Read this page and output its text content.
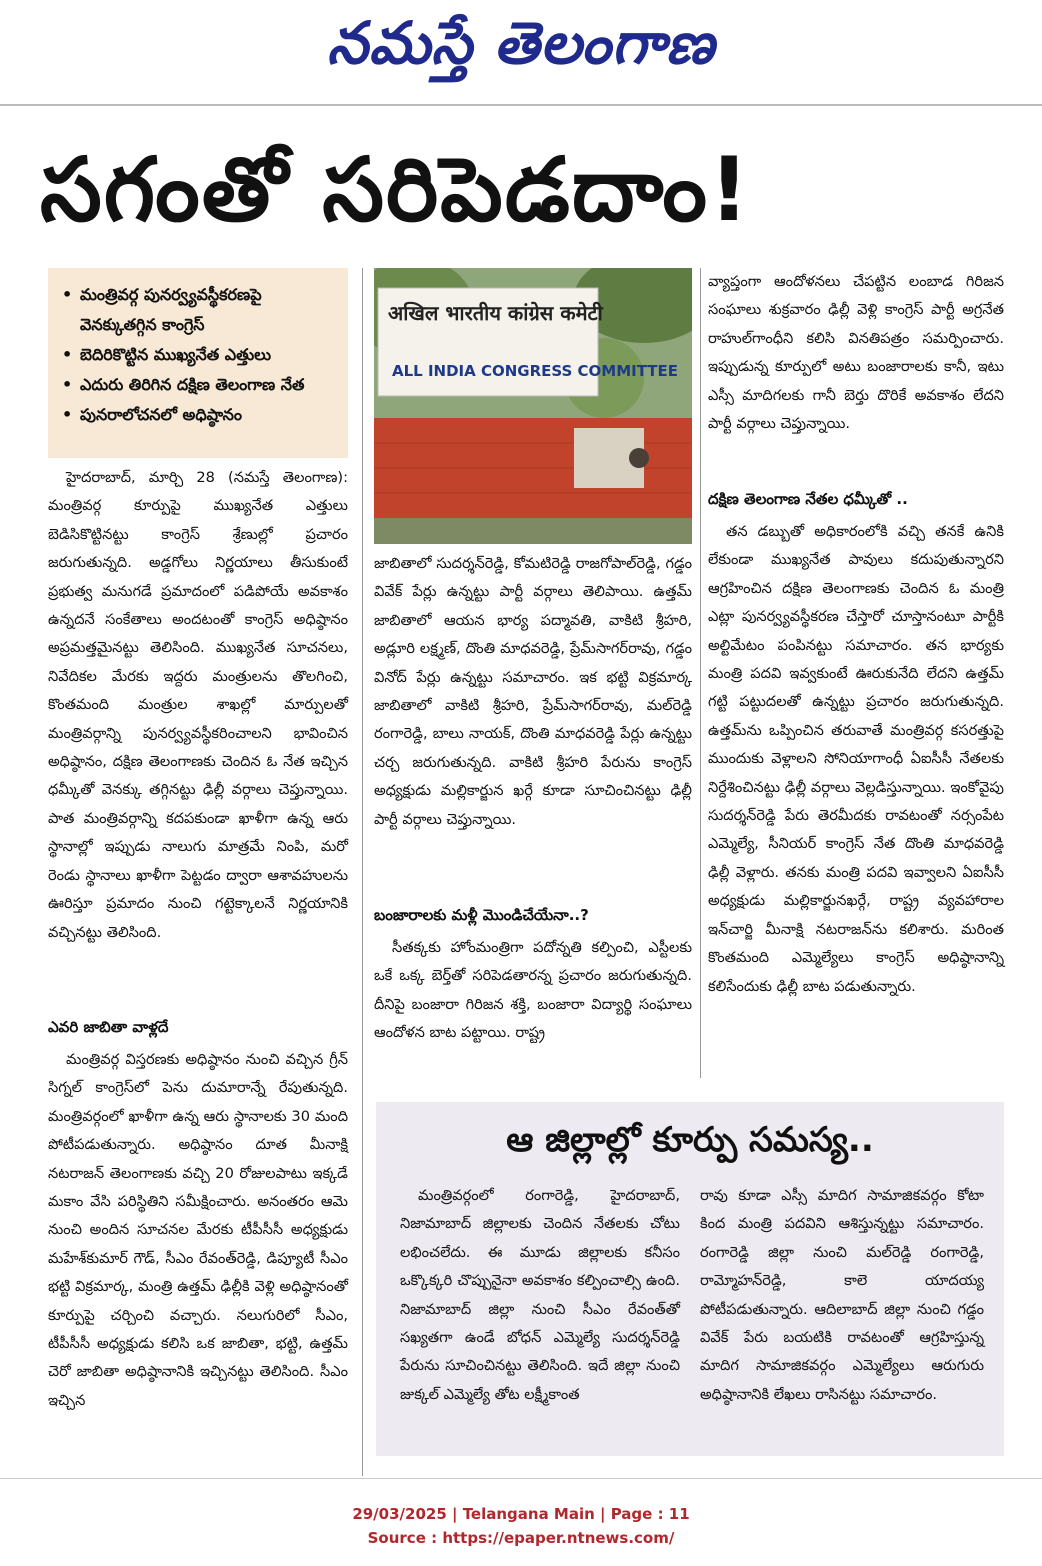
నమస్తే తెలంగాణ
సగంతో సరిపెడదాం!
• మంత్రివర్గ పునర్వ్యవస్థీకరణపై
వెనక్కుతగ్గిన కాంగ్రెస్
• బెదిరికొట్టిన ముఖ్యనేత ఎత్తులు
• ఎదురు తిరిగిన దక్షిణ తెలంగాణ నేత
• పునరాలోచనలో అధిష్ఠానం
अखिल भारतीय कांग्रेस कमेटी
ALL INDIA CONGRESS COMMITTEE

హైదరాబాద్, మార్చి 28 (నమస్తే తెలంగాణ): మంత్రివర్గ కూర్పుపై ముఖ్యనేత ఎత్తులు బెడిసికొట్టినట్టు కాంగ్రెస్ శ్రేణుల్లో ప్రచారం జరుగుతున్నది. అడ్డగోలు నిర్ణయాలు తీసుకుంటే ప్రభుత్వ మనుగడే ప్రమాదంలో పడిపోయే అవకాశం ఉన్నదనే సంకేతాలు అందటంతో కాంగ్రెస్ అధిష్ఠానం అప్రమత్తమైనట్టు తెలిసింది. ముఖ్యనేత సూచనలు, నివేదికల మేరకు ఇద్దరు మంత్రులను తొలగించి, కొంతమంది మంత్రుల శాఖల్లో మార్పులతో మంత్రివర్గాన్ని పునర్వ్యవస్థీకరించాలని భావించిన అధిష్ఠానం, దక్షిణ తెలంగాణకు చెందిన ఓ నేత ఇచ్చిన ధమ్కీతో వెనక్కు తగ్గినట్టు ఢిల్లీ వర్గాలు చెప్తున్నాయి. పాత మంత్రివర్గాన్ని కదపకుండా ఖాళీగా ఉన్న ఆరు స్థానాల్లో ఇప్పుడు నాలుగు మాత్రమే నింపి, మరో రెండు స్థానాలు ఖాళీగా పెట్టడం ద్వారా ఆశావహులను ఊరిస్తూ ప్రమాదం నుంచి గట్టెక్కాలనే నిర్ణయానికి వచ్చినట్టు తెలిసింది.

ఎవరి జాబితా వాళ్లదే

మంత్రివర్గ విస్తరణకు అధిష్ఠానం నుంచి వచ్చిన గ్రీన్ సిగ్నల్ కాంగ్రెస్‌లో పెను దుమారాన్నే రేపుతున్నది. మంత్రివర్గంలో ఖాళీగా ఉన్న ఆరు స్థానాలకు 30 మంది పోటీపడుతున్నారు. అధిష్ఠానం దూత మీనాక్షి నటరాజన్ తెలంగాణకు వచ్చి 20 రోజులపాటు ఇక్కడే మకాం వేసి పరిస్థితిని సమీక్షించారు. అనంతరం ఆమె నుంచి అందిన సూచనల మేరకు టీపీసీసీ అధ్యక్షుడు మహేశ్‌కుమార్ గౌడ్, సీఎం రేవంత్‌రెడ్డి, డిప్యూటీ సీఎం భట్టి విక్రమార్క, మంత్రి ఉత్తమ్ ఢిల్లీకి వెళ్లి అధిష్ఠానంతో కూర్పుపై చర్చించి వచ్చారు. నలుగురిలో సీఎం, టీపీసీసీ అధ్యక్షుడు కలిసి ఒక జాబితా, భట్టి, ఉత్తమ్ చెరో జాబితా అధిష్ఠానానికి ఇచ్చినట్టు తెలిసింది. సీఎం ఇచ్చిన

జాబితాలో సుదర్శన్‌రెడ్డి, కోమటిరెడ్డి రాజగోపాల్‌రెడ్డి, గడ్డం వివేక్ పేర్లు ఉన్నట్టు పార్టీ వర్గాలు తెలిపాయి. ఉత్తమ్ జాబితాలో ఆయన భార్య పద్మావతి, వాకిటి శ్రీహరి, అడ్లూరి లక్ష్మణ్, దొంతి మాధవరెడ్డి, ప్రేమ్‌సాగర్‌రావు, గడ్డం వినోద్ పేర్లు ఉన్నట్టు సమాచారం. ఇక భట్టి విక్రమార్క జాబితాలో వాకిటి శ్రీహరి, ప్రేమ్‌సాగర్‌రావు, మల్‌రెడ్డి రంగారెడ్డి, బాలు నాయక్, దొంతి మాధవరెడ్డి పేర్లు ఉన్నట్టు చర్చ జరుగుతున్నది. వాకిటి శ్రీహరి పేరును కాంగ్రెస్ అధ్యక్షుడు మల్లికార్జున ఖర్గే కూడా సూచించినట్టు ఢిల్లీ పార్టీ వర్గాలు చెప్తున్నాయి.

బంజారాలకు మళ్లీ మొండిచేయేనా..?

సీతక్కకు హోంమంత్రిగా పదోన్నతి కల్పించి, ఎస్టీలకు ఒకే ఒక్క బెర్త్‌తో సరిపెడతారన్న ప్రచారం జరుగుతున్నది. దీనిపై బంజారా గిరిజన శక్తి, బంజారా విద్యార్థి సంఘాలు ఆందోళన బాట పట్టాయి. రాష్ట్ర

వ్యాప్తంగా ఆందోళనలు చేపట్టిన లంబాడ గిరిజన సంఘాలు శుక్రవారం ఢిల్లీ వెళ్లి కాంగ్రెస్ పార్టీ అగ్రనేత రాహుల్‌గాంధీని కలిసి వినతిపత్రం సమర్పించారు. ఇప్పుడున్న కూర్పులో అటు బంజారాలకు కానీ, ఇటు ఎస్సీ మాదిగలకు గానీ బెర్తు దొరికే అవకాశం లేదని పార్టీ వర్గాలు చెప్తున్నాయి.

దక్షిణ తెలంగాణ నేతల ధమ్కీతో ..

తన డబ్బుతో అధికారంలోకి వచ్చి తనకే ఉనికి లేకుండా ముఖ్యనేత పావులు కదుపుతున్నారని ఆగ్రహించిన దక్షిణ తెలంగాణకు చెందిన ఓ మంత్రి ఎట్లా పునర్వ్యవస్థీకరణ చేస్తారో చూస్తానంటూ పార్టీకి అల్టిమేటం పంపినట్టు సమాచారం. తన భార్యకు మంత్రి పదవి ఇవ్వకుంటే ఊరుకునేది లేదని ఉత్తమ్ గట్టి పట్టుదలతో ఉన్నట్టు ప్రచారం జరుగుతున్నది. ఉత్తమ్‌ను ఒప్పించిన తరువాతే మంత్రివర్గ కసరత్తుపై ముందుకు వెళ్లాలని సోనియాగాంధీ ఏఐసీసీ నేతలకు నిర్దేశించినట్టు ఢిల్లీ వర్గాలు వెల్లడిస్తున్నాయి. ఇంకోవైపు సుదర్శన్‌రెడ్డి పేరు తెరమీదకు రావటంతో నర్సంపేట ఎమ్మెల్యే, సీనియర్ కాంగ్రెస్ నేత దొంతి మాధవరెడ్డి ఢిల్లీ వెళ్లారు. తనకు మంత్రి పదవి ఇవ్వాలని ఏఐసీసీ అధ్యక్షుడు మల్లికార్జునఖర్గే, రాష్ట్ర వ్యవహారాల ఇన్‌చార్జి మీనాక్షి నటరాజన్‌ను కలిశారు. మరింత కొంతమంది ఎమ్మెల్యేలు కాంగ్రెస్ అధిష్ఠానాన్ని కలిసేందుకు ఢిల్లీ బాట పడుతున్నారు.

ఆ జిల్లాల్లో కూర్పు సమస్య..

మంత్రివర్గంలో రంగారెడ్డి, హైదరాబాద్, నిజామాబాద్ జిల్లాలకు చెందిన నేతలకు చోటు లభించలేదు. ఈ మూడు జిల్లాలకు కనీసం ఒక్కొక్కరి చొప్పునైనా అవకాశం కల్పించాల్సి ఉంది. నిజామాబాద్ జిల్లా నుంచి సీఎం రేవంత్‌తో సఖ్యతగా ఉండే బోధన్ ఎమ్మెల్యే సుదర్శన్‌రెడ్డి పేరును సూచించినట్టు తెలిసింది. ఇదే జిల్లా నుంచి జుక్కల్ ఎమ్మెల్యే తోట లక్ష్మీకాంత

రావు కూడా ఎస్సీ మాదిగ సామాజికవర్గం కోటా కింద మంత్రి పదవిని ఆశిస్తున్నట్టు సమాచారం. రంగారెడ్డి జిల్లా నుంచి మల్‌రెడ్డి రంగారెడ్డి, రామ్మోహన్‌రెడ్డి, కాలె యాదయ్య పోటీపడుతున్నారు. ఆదిలాబాద్ జిల్లా నుంచి గడ్డం వివేక్ పేరు బయటికి రావటంతో ఆగ్రహిస్తున్న మాదిగ సామాజికవర్గం ఎమ్మెల్యేలు ఆరుగురు అధిష్ఠానానికి లేఖలు రాసినట్టు సమాచారం.

29/03/2025 | Telangana Main | Page : 11
Source : https://epaper.ntnews.com/
